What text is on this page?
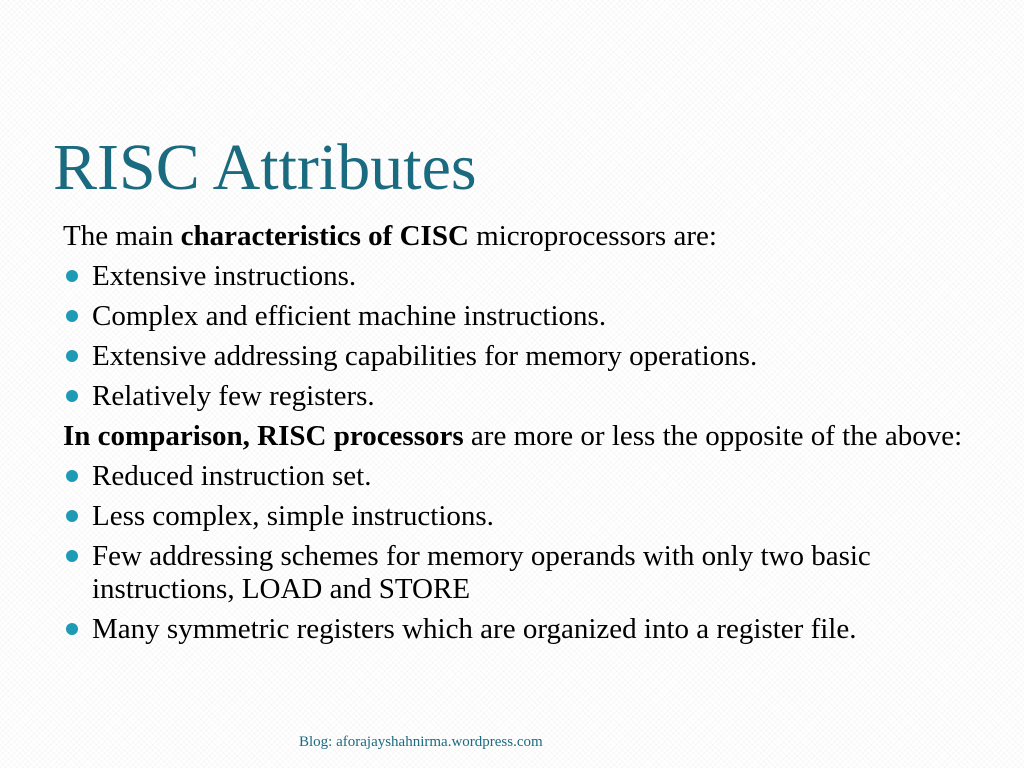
RISC Attributes

The main characteristics of CISC microprocessors are:

Extensive instructions.
Complex and efficient machine instructions.
Extensive addressing capabilities for memory operations.
Relatively few registers.

In comparison, RISC processors are more or less the opposite of the above:

Reduced instruction set.
Less complex, simple instructions.
Few addressing schemes for memory operands with only two basic instructions, LOAD and STORE
Many symmetric registers which are organized into a register file.
Blog: aforajayshahnirma.wordpress.com
